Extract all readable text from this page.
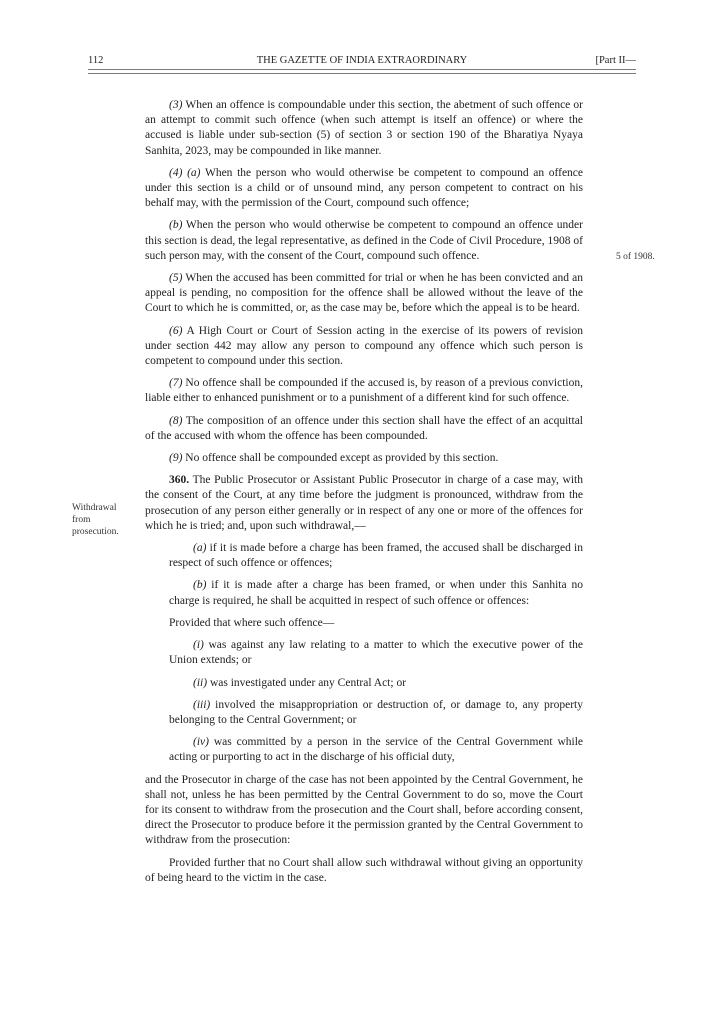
112	THE GAZETTE OF INDIA EXTRAORDINARY	[Part II—
5 of 1908.
Withdrawal from prosecution.

(3) When an offence is compoundable under this section, the abetment of such offence or an attempt to commit such offence (when such attempt is itself an offence) or where the accused is liable under sub-section (5) of section 3 or section 190 of the Bharatiya Nyaya Sanhita, 2023, may be compounded in like manner.

(4) (a) When the person who would otherwise be competent to compound an offence under this section is a child or of unsound mind, any person competent to contract on his behalf may, with the permission of the Court, compound such offence;

(b) When the person who would otherwise be competent to compound an offence under this section is dead, the legal representative, as defined in the Code of Civil Procedure, 1908 of such person may, with the consent of the Court, compound such offence.

(5) When the accused has been committed for trial or when he has been convicted and an appeal is pending, no composition for the offence shall be allowed without the leave of the Court to which he is committed, or, as the case may be, before which the appeal is to be heard.

(6) A High Court or Court of Session acting in the exercise of its powers of revision under section 442 may allow any person to compound any offence which such person is competent to compound under this section.

(7) No offence shall be compounded if the accused is, by reason of a previous conviction, liable either to enhanced punishment or to a punishment of a different kind for such offence.

(8) The composition of an offence under this section shall have the effect of an acquittal of the accused with whom the offence has been compounded.

(9) No offence shall be compounded except as provided by this section.

360. The Public Prosecutor or Assistant Public Prosecutor in charge of a case may, with the consent of the Court, at any time before the judgment is pronounced, withdraw from the prosecution of any person either generally or in respect of any one or more of the offences for which he is tried; and, upon such withdrawal,—

(a) if it is made before a charge has been framed, the accused shall be discharged in respect of such offence or offences;

(b) if it is made after a charge has been framed, or when under this Sanhita no charge is required, he shall be acquitted in respect of such offence or offences:

Provided that where such offence—

(i) was against any law relating to a matter to which the executive power of the Union extends; or

(ii) was investigated under any Central Act; or

(iii) involved the misappropriation or destruction of, or damage to, any property belonging to the Central Government; or

(iv) was committed by a person in the service of the Central Government while acting or purporting to act in the discharge of his official duty,

and the Prosecutor in charge of the case has not been appointed by the Central Government, he shall not, unless he has been permitted by the Central Government to do so, move the Court for its consent to withdraw from the prosecution and the Court shall, before according consent, direct the Prosecutor to produce before it the permission granted by the Central Government to withdraw from the prosecution:

Provided further that no Court shall allow such withdrawal without giving an opportunity of being heard to the victim in the case.
